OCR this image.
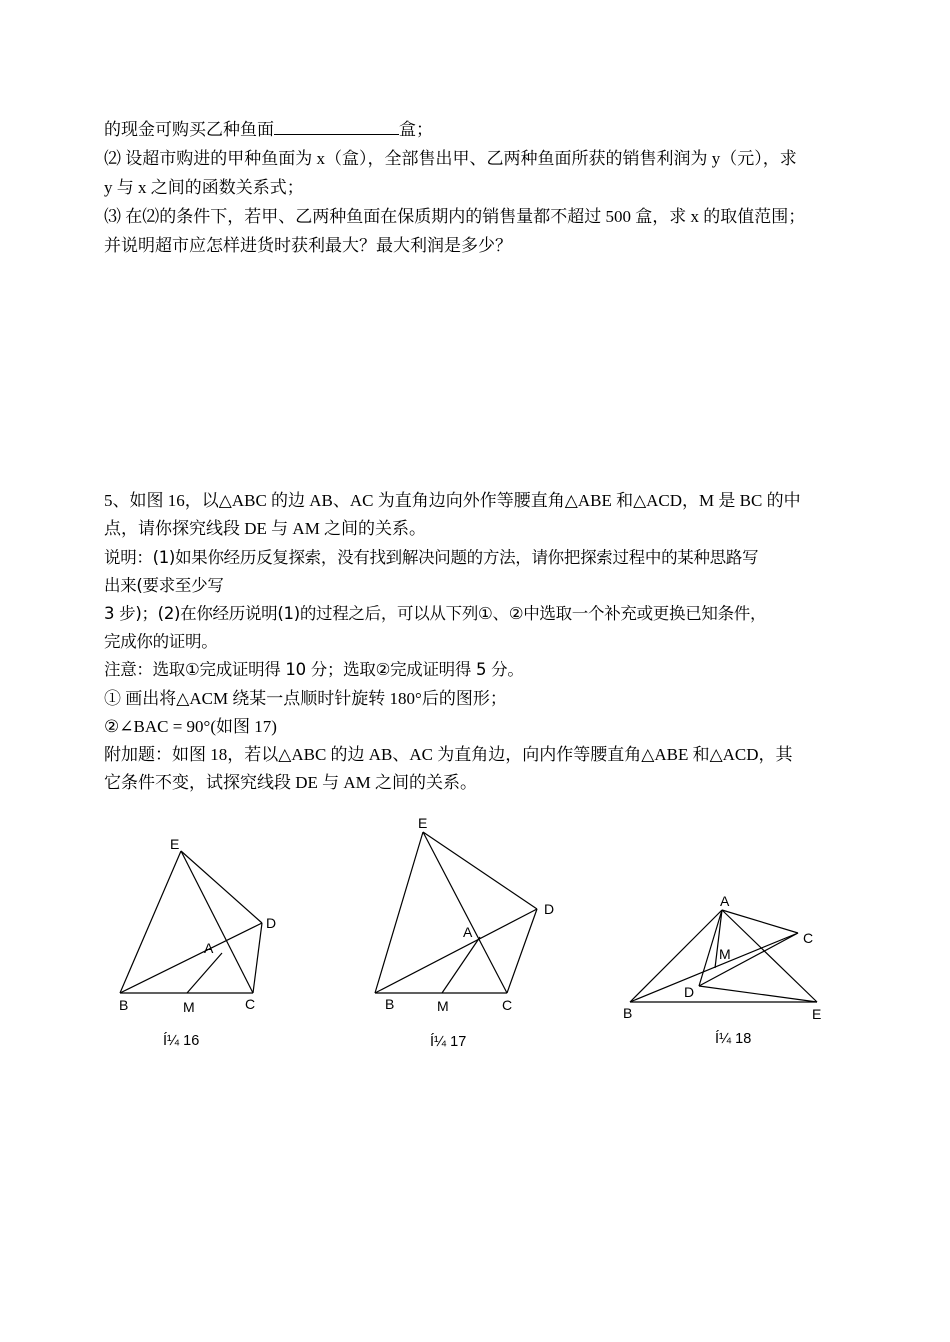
的现金可购买乙种鱼面	盒；
⑵ 设超市购进的甲种鱼面为 x（盒），全部售出甲、乙两种鱼面所获的销售利润为 y（元），求
y 与 x 之间的函数关系式；
⑶ 在⑵的条件下，若甲、乙两种鱼面在保质期内的销售量都不超过 500 盒，求 x 的取值范围；
并说明超市应怎样进货时获利最大？最大利润是多少？
5、如图 16，以△ABC 的边 AB、AC 为直角边向外作等腰直角△ABE 和△ACD，M 是 BC 的中
点，请你探究线段 DE 与 AM 之间的关系。
说明：(1)如果你经历反复探索，没有找到解决问题的方法，请你把探索过程中的某种思路写
出来(要求至少写
3 步)；(2)在你经历说明(1)的过程之后，可以从下列①、②中选取一个补充或更换已知条件，
完成你的证明。
注意：选取①完成证明得 10 分；选取②完成证明得 5 分。
① 画出将△ACM 绕某一点顺时针旋转 180°后的图形；
②∠BAC = 90°(如图 17)
附加题：如图 18，若以△ABC 的边 AB、AC 为直角边，向内作等腰直角△ABE 和△ACD，其
它条件不变，试探究线段 DE 与 AM 之间的关系。
E
D
A
B	M	C
E
D
A
B	M	C
A
C
M
D
B	E
Í¼ 16	Í¼ 17	Í¼ 18
